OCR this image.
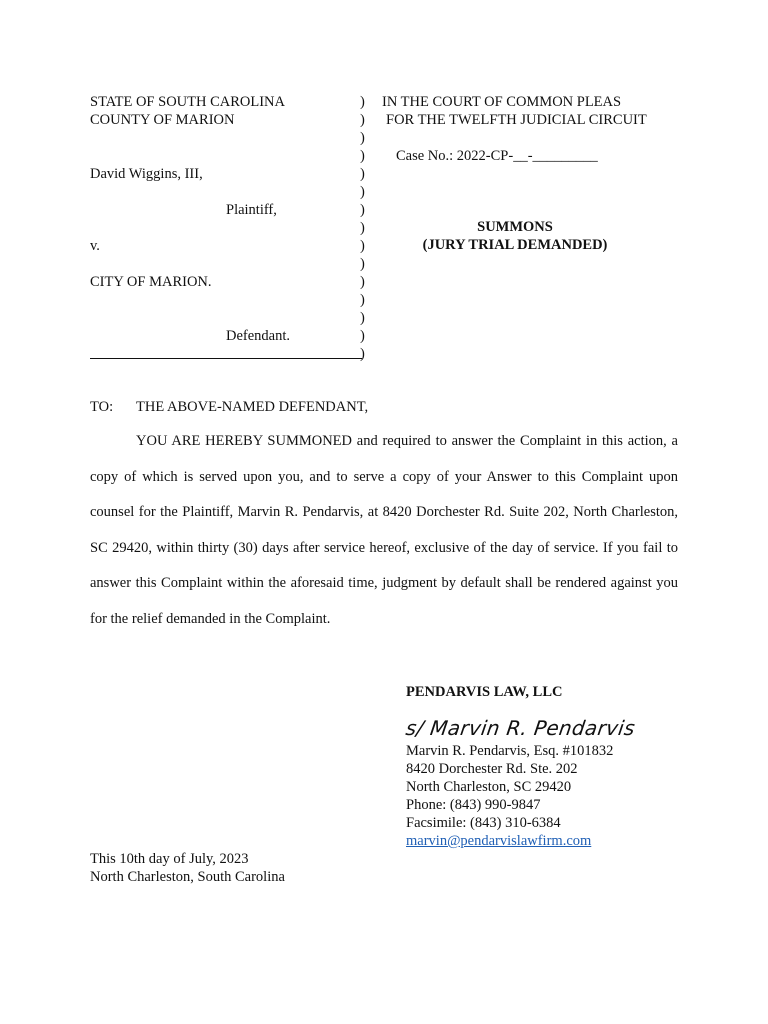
STATE OF SOUTH CAROLINA
COUNTY OF MARION
David Wiggins, III,
Plaintiff,
v.
CITY OF MARION.
Defendant.
)
)
)
)
)
)
)
)
)
)
)
)
)
)
)
IN THE COURT OF COMMON PLEAS
FOR THE TWELFTH JUDICIAL CIRCUIT
Case No.: 2022-CP-__-_________
SUMMONS
(JURY TRIAL DEMANDED)
TO: THE ABOVE-NAMED DEFENDANT,

YOU ARE HEREBY SUMMONED and required to answer the Complaint in this action, a copy of which is served upon you, and to serve a copy of your Answer to this Complaint upon counsel for the Plaintiff, Marvin R. Pendarvis, at 8420 Dorchester Rd. Suite 202, North Charleston, SC 29420, within thirty (30) days after service hereof, exclusive of the day of service. If you fail to answer this Complaint within the aforesaid time, judgment by default shall be rendered against you for the relief demanded in the Complaint.

PENDARVIS LAW, LLC
s/ Marvin R. Pendarvis
Marvin R. Pendarvis, Esq. #101832
8420 Dorchester Rd. Ste. 202
North Charleston, SC 29420
Phone: (843) 990-9847
Facsimile: (843) 310-6384
marvin@pendarvislawfirm.com
This 10th day of July, 2023
North Charleston, South Carolina
